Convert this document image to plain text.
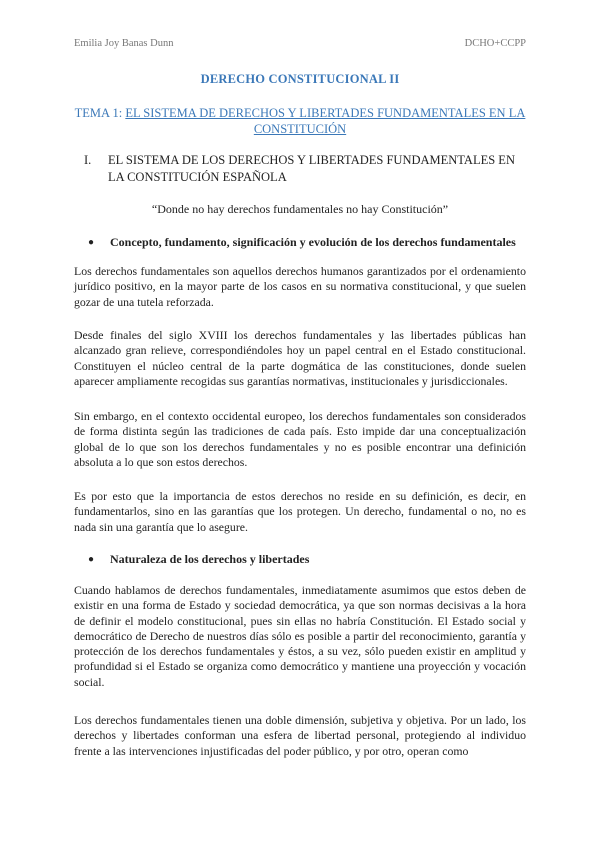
Emilia Joy Banas Dunn	DCHO+CCPP
DERECHO CONSTITUCIONAL II
TEMA 1: EL SISTEMA DE DERECHOS Y LIBERTADES FUNDAMENTALES EN LA CONSTITUCIÓN
I.	EL SISTEMA DE LOS DERECHOS Y LIBERTADES FUNDAMENTALES EN LA CONSTITUCIÓN ESPAÑOLA
“Donde no hay derechos fundamentales no hay Constitución”
●	Concepto, fundamento, significación y evolución de los derechos fundamentales
Los derechos fundamentales son aquellos derechos humanos garantizados por el ordenamiento jurídico positivo, en la mayor parte de los casos en su normativa constitucional, y que suelen gozar de una tutela reforzada.
Desde finales del siglo XVIII los derechos fundamentales y las libertades públicas han alcanzado gran relieve, correspondiéndoles hoy un papel central en el Estado constitucional. Constituyen el núcleo central de la parte dogmática de las constituciones, donde suelen aparecer ampliamente recogidas sus garantías normativas, institucionales y jurisdiccionales.
Sin embargo, en el contexto occidental europeo, los derechos fundamentales son considerados de forma distinta según las tradiciones de cada país. Esto impide dar una conceptualización global de lo que son los derechos fundamentales y no es posible encontrar una definición absoluta a lo que son estos derechos.
Es por esto que la importancia de estos derechos no reside en su definición, es decir, en fundamentarlos, sino en las garantías que los protegen. Un derecho, fundamental o no, no es nada sin una garantía que lo asegure.
●	Naturaleza de los derechos y libertades
Cuando hablamos de derechos fundamentales, inmediatamente asumimos que estos deben de existir en una forma de Estado y sociedad democrática, ya que son normas decisivas a la hora de definir el modelo constitucional, pues sin ellas no habría Constitución. El Estado social y democrático de Derecho de nuestros días sólo es posible a partir del reconocimiento, garantía y protección de los derechos fundamentales y éstos, a su vez, sólo pueden existir en amplitud y profundidad si el Estado se organiza como democrático y mantiene una proyección y vocación social.
Los derechos fundamentales tienen una doble dimensión, subjetiva y objetiva. Por un lado, los derechos y libertades conforman una esfera de libertad personal, protegiendo al individuo frente a las intervenciones injustificadas del poder público, y por otro, operan como
